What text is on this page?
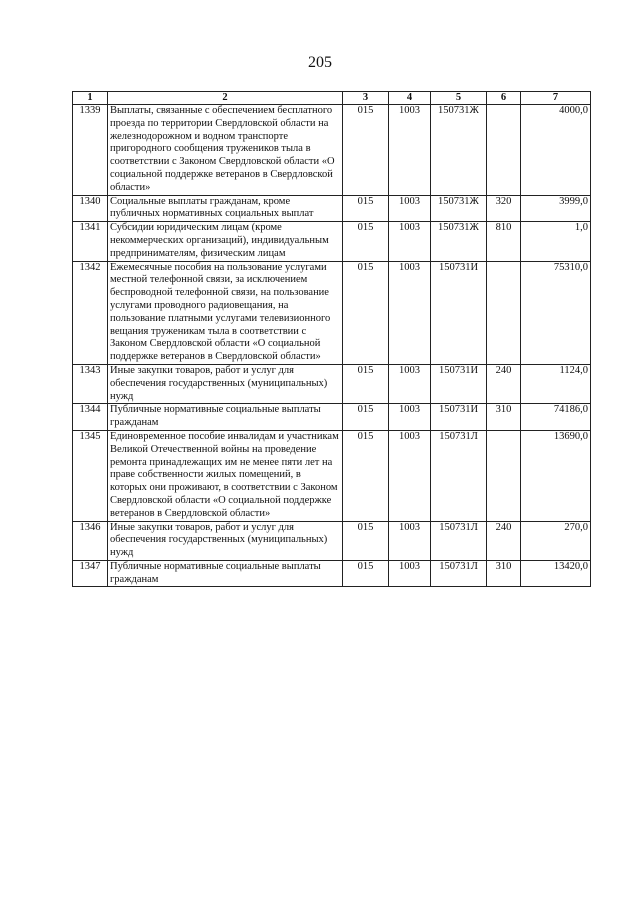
205
1	2	3	4	5	6	7
1339	Выплаты, связанные с обеспечением бесплатного проезда по территории Свердловской области на железнодорожном и водном транспорте пригородного сообщения тружеников тыла в соответствии с Законом Свердловской области «О социальной поддержке ветеранов в Свердловской области»	015	1003	150731Ж		4000,0
1340	Социальные выплаты гражданам, кроме публичных нормативных социальных выплат	015	1003	150731Ж	320	3999,0
1341	Субсидии юридическим лицам (кроме некоммерческих организаций), индивидуальным предпринимателям, физическим лицам	015	1003	150731Ж	810	1,0
1342	Ежемесячные пособия на пользование услугами местной телефонной связи, за исключением беспроводной телефонной связи, на пользование услугами проводного радиовещания, на пользование платными услугами телевизионного вещания труженикам тыла в соответствии с Законом Свердловской области «О социальной поддержке ветеранов в Свердловской области»	015	1003	150731И		75310,0
1343	Иные закупки товаров, работ и услуг для обеспечения государственных (муниципальных) нужд	015	1003	150731И	240	1124,0
1344	Публичные нормативные социальные выплаты гражданам	015	1003	150731И	310	74186,0
1345	Единовременное пособие инвалидам и участникам Великой Отечественной войны на проведение ремонта принадлежащих им не менее пяти лет на праве собственности жилых помещений, в которых они проживают, в соответствии с Законом Свердловской области «О социальной поддержке ветеранов в Свердловской области»	015	1003	150731Л		13690,0
1346	Иные закупки товаров, работ и услуг для обеспечения государственных (муниципальных) нужд	015	1003	150731Л	240	270,0
1347	Публичные нормативные социальные выплаты гражданам	015	1003	150731Л	310	13420,0
